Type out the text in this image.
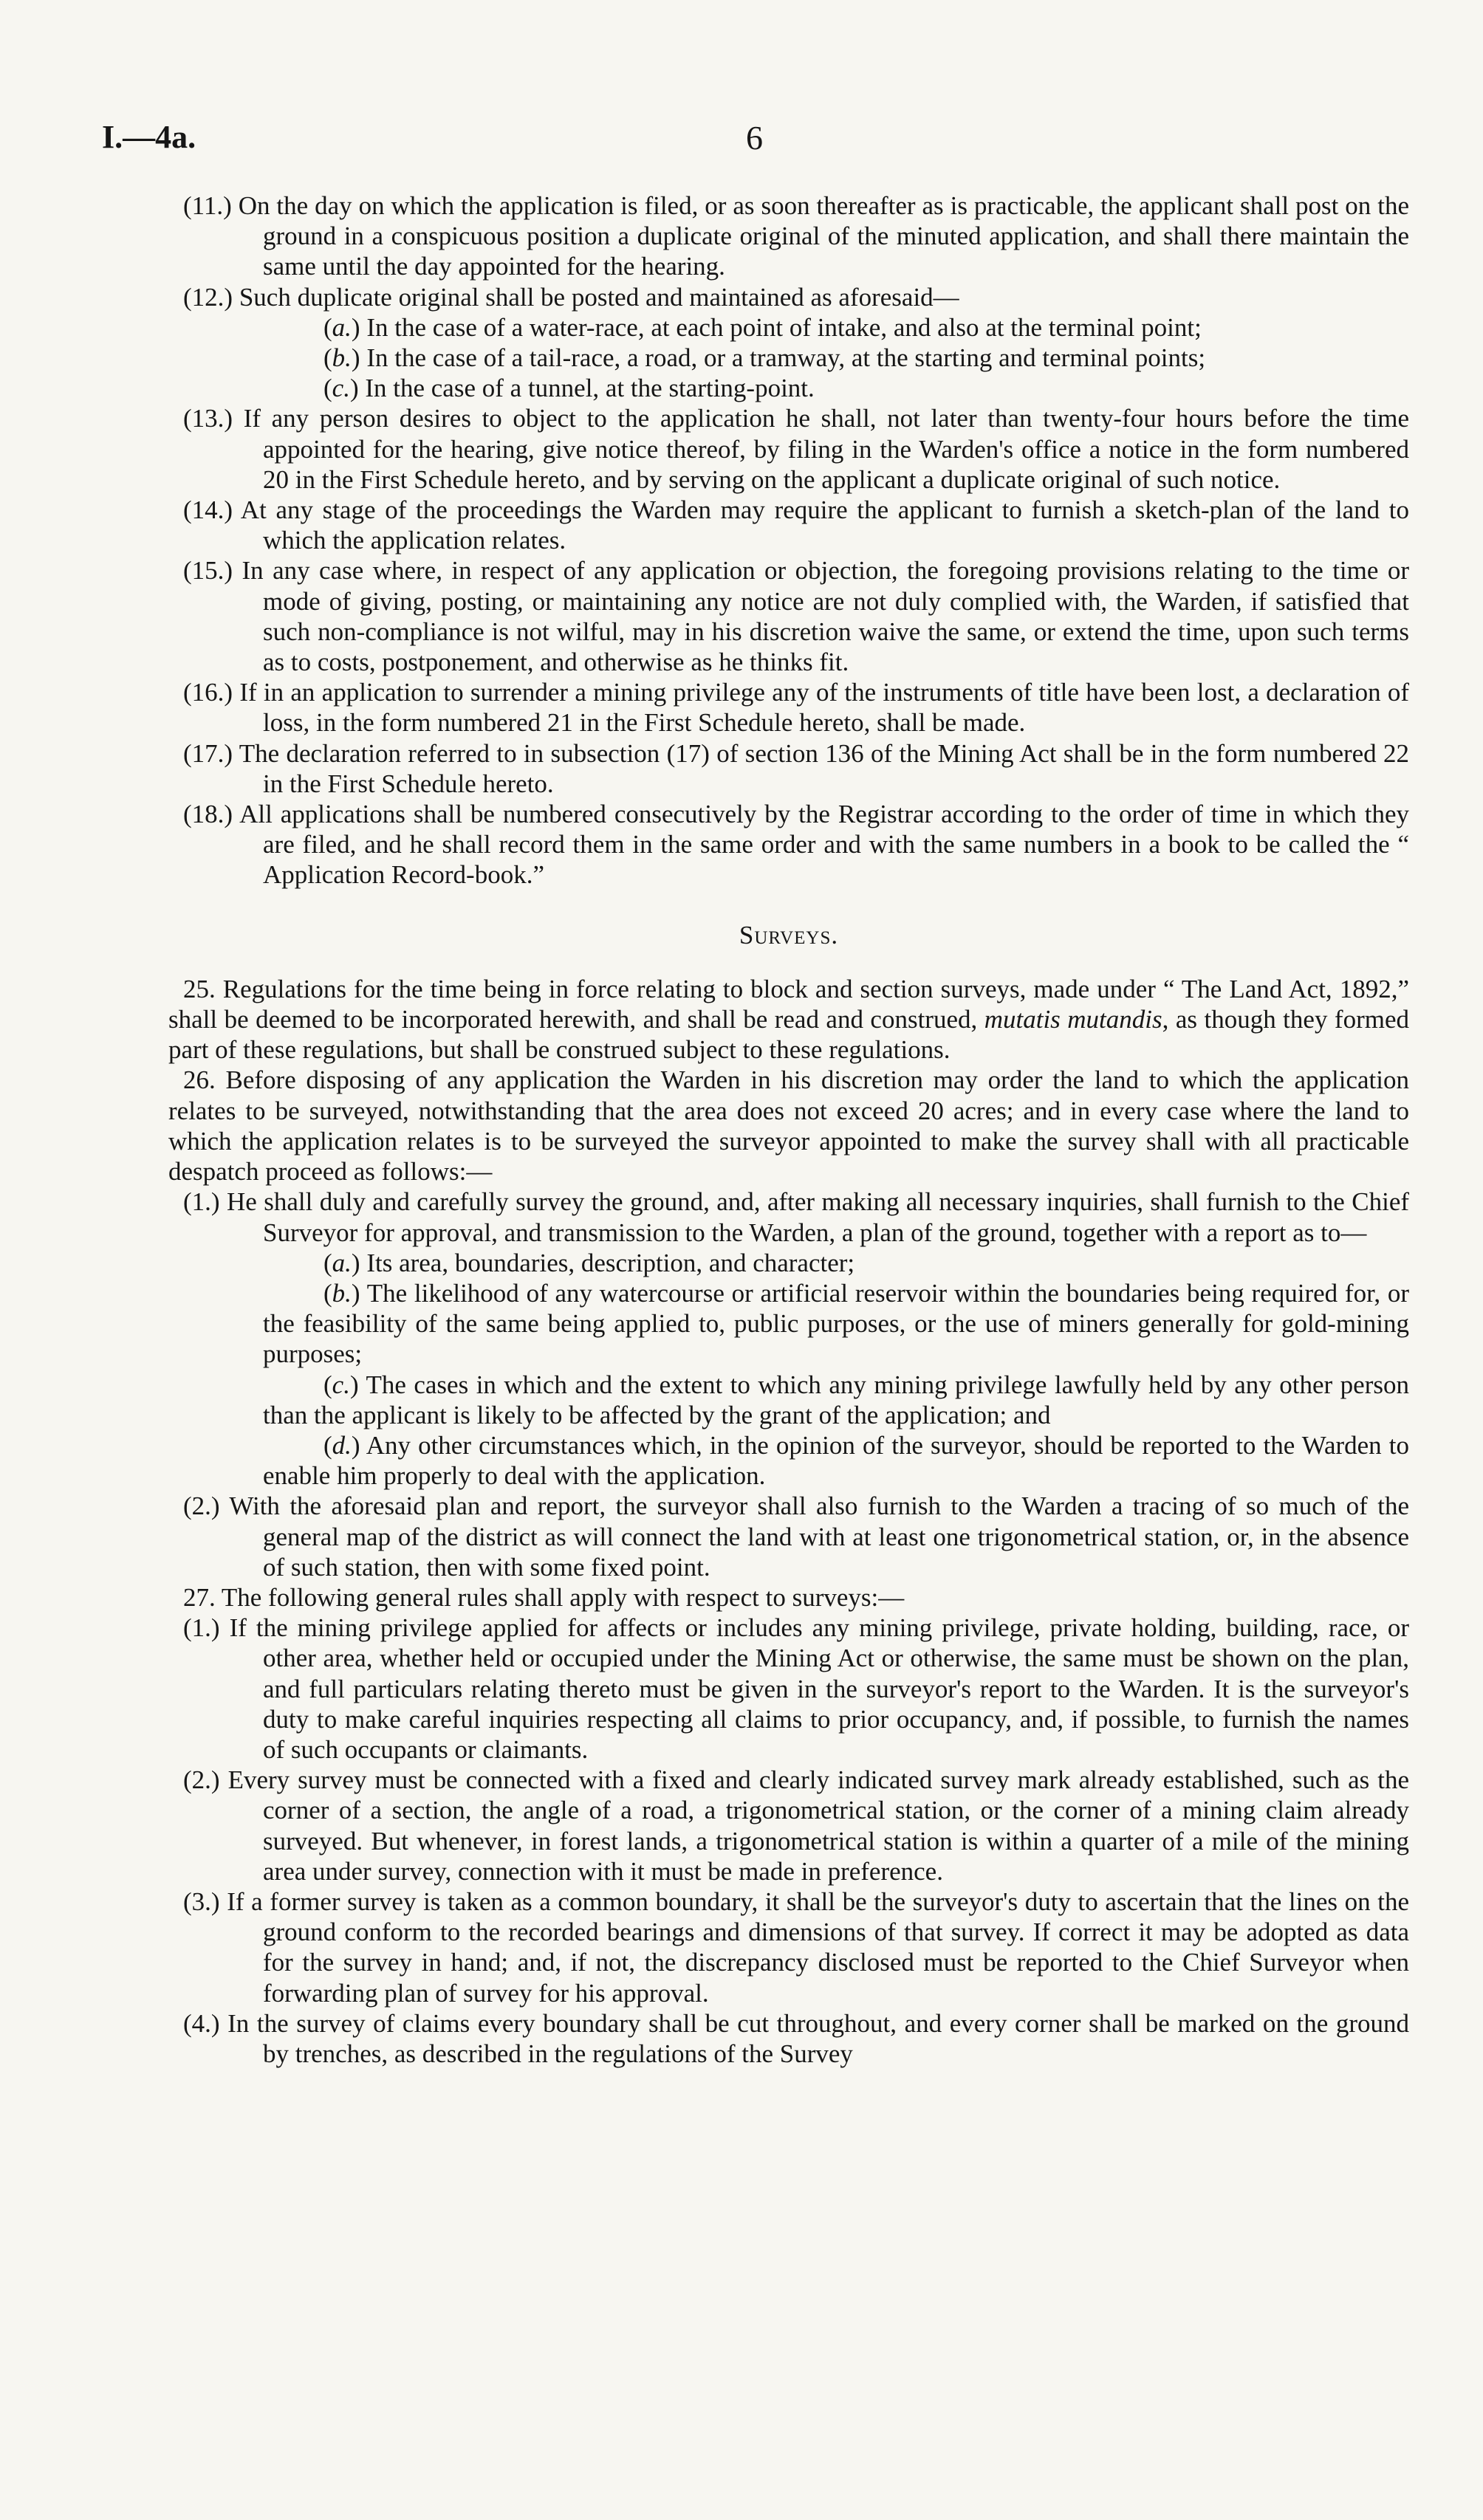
I.—4a.	6

(11.) On the day on which the application is filed, or as soon thereafter as is practicable, the applicant shall post on the ground in a conspicuous position a duplicate original of the minuted application, and shall there maintain the same until the day appointed for the hearing.

(12.) Such duplicate original shall be posted and maintained as aforesaid—

(a.) In the case of a water-race, at each point of intake, and also at the terminal point;

(b.) In the case of a tail-race, a road, or a tramway, at the starting and terminal points;

(c.) In the case of a tunnel, at the starting-point.

(13.) If any person desires to object to the application he shall, not later than twenty-four hours before the time appointed for the hearing, give notice thereof, by filing in the Warden's office a notice in the form numbered 20 in the First Schedule hereto, and by serving on the applicant a duplicate original of such notice.

(14.) At any stage of the proceedings the Warden may require the applicant to furnish a sketch-plan of the land to which the application relates.

(15.) In any case where, in respect of any application or objection, the foregoing provisions relating to the time or mode of giving, posting, or maintaining any notice are not duly complied with, the Warden, if satisfied that such non-compliance is not wilful, may in his discretion waive the same, or extend the time, upon such terms as to costs, postponement, and otherwise as he thinks fit.

(16.) If in an application to surrender a mining privilege any of the instruments of title have been lost, a declaration of loss, in the form numbered 21 in the First Schedule hereto, shall be made.

(17.) The declaration referred to in subsection (17) of section 136 of the Mining Act shall be in the form numbered 22 in the First Schedule hereto.

(18.) All applications shall be numbered consecutively by the Registrar according to the order of time in which they are filed, and he shall record them in the same order and with the same numbers in a book to be called the “ Application Record-book.”

Surveys.

25. Regulations for the time being in force relating to block and section surveys, made under “ The Land Act, 1892,” shall be deemed to be incorporated herewith, and shall be read and construed, mutatis mutandis, as though they formed part of these regulations, but shall be construed subject to these regulations.

26. Before disposing of any application the Warden in his discretion may order the land to which the application relates to be surveyed, notwithstanding that the area does not exceed 20 acres; and in every case where the land to which the application relates is to be surveyed the surveyor appointed to make the survey shall with all practicable despatch proceed as follows:—

(1.) He shall duly and carefully survey the ground, and, after making all necessary inquiries, shall furnish to the Chief Surveyor for approval, and transmission to the Warden, a plan of the ground, together with a report as to—

(a.) Its area, boundaries, description, and character;

(b.) The likelihood of any watercourse or artificial reservoir within the boundaries being required for, or the feasibility of the same being applied to, public purposes, or the use of miners generally for gold-mining purposes;

(c.) The cases in which and the extent to which any mining privilege lawfully held by any other person than the applicant is likely to be affected by the grant of the application; and

(d.) Any other circumstances which, in the opinion of the surveyor, should be reported to the Warden to enable him properly to deal with the application.

(2.) With the aforesaid plan and report, the surveyor shall also furnish to the Warden a tracing of so much of the general map of the district as will connect the land with at least one trigonometrical station, or, in the absence of such station, then with some fixed point.

27. The following general rules shall apply with respect to surveys:—

(1.) If the mining privilege applied for affects or includes any mining privilege, private holding, building, race, or other area, whether held or occupied under the Mining Act or otherwise, the same must be shown on the plan, and full particulars relating thereto must be given in the surveyor's report to the Warden. It is the surveyor's duty to make careful inquiries respecting all claims to prior occupancy, and, if possible, to furnish the names of such occupants or claimants.

(2.) Every survey must be connected with a fixed and clearly indicated survey mark already established, such as the corner of a section, the angle of a road, a trigonometrical station, or the corner of a mining claim already surveyed. But whenever, in forest lands, a trigonometrical station is within a quarter of a mile of the mining area under survey, connection with it must be made in preference.

(3.) If a former survey is taken as a common boundary, it shall be the surveyor's duty to ascertain that the lines on the ground conform to the recorded bearings and dimensions of that survey. If correct it may be adopted as data for the survey in hand; and, if not, the discrepancy disclosed must be reported to the Chief Surveyor when forwarding plan of survey for his approval.

(4.) In the survey of claims every boundary shall be cut throughout, and every corner shall be marked on the ground by trenches, as described in the regulations of the Survey
